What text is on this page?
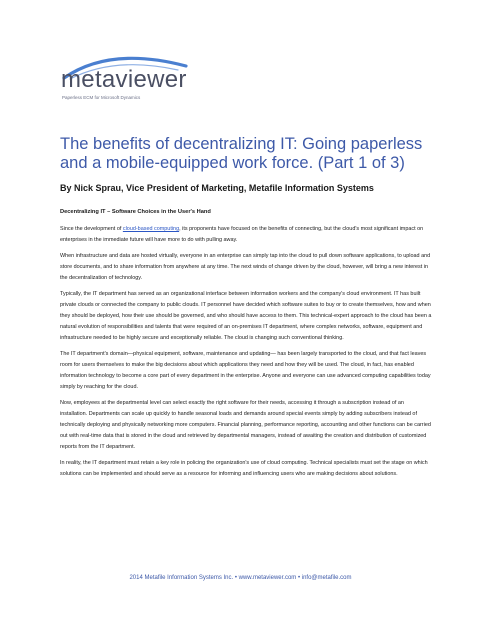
metaviewer
Paperless ECM for Microsoft Dynamics
The benefits of decentralizing IT: Going paperless and a mobile-equipped work force. (Part 1 of 3)
By Nick Sprau, Vice President of Marketing, Metafile Information Systems
Decentralizing IT – Software Choices in the User's Hand

Since the development of cloud-based computing, its proponents have focused on the benefits of connecting, but the cloud's most significant impact on enterprises in the immediate future will have more to do with pulling away.

When infrastructure and data are hosted virtually, everyone in an enterprise can simply tap into the cloud to pull down software applications, to upload and store documents, and to share information from anywhere at any time. The next winds of change driven by the cloud, however, will bring a new interest in the decentralization of technology.

Typically, the IT department has served as an organizational interface between information workers and the company's cloud environment. IT has built private clouds or connected the company to public clouds. IT personnel have decided which software suites to buy or to create themselves, how and when they should be deployed, how their use should be governed, and who should have access to them. This technical-expert approach to the cloud has been a natural evolution of responsibilities and talents that were required of an on-premises IT department, where complex networks, software, equipment and infrastructure needed to be highly secure and exceptionally reliable. The cloud is changing such conventional thinking.

The IT department's domain—physical equipment, software, maintenance and updating— has been largely transported to the cloud, and that fact leaves room for users themselves to make the big decisions about which applications they need and how they will be used. The cloud, in fact, has enabled information technology to become a core part of every department in the enterprise. Anyone and everyone can use advanced computing capabilities today simply by reaching for the cloud.

Now, employees at the departmental level can select exactly the right software for their needs, accessing it through a subscription instead of an installation. Departments can scale up quickly to handle seasonal loads and demands around special events simply by adding subscribers instead of technically deploying and physically networking more computers. Financial planning, performance reporting, accounting and other functions can be carried out with real-time data that is stored in the cloud and retrieved by departmental managers, instead of awaiting the creation and distribution of customized reports from the IT department.

In reality, the IT department must retain a key role in policing the organization's use of cloud computing. Technical specialists must set the stage on which solutions can be implemented and should serve as a resource for informing and influencing users who are making decisions about solutions.

2014 Metafile Information Systems Inc. • www.metaviewer.com • info@metafile.com
